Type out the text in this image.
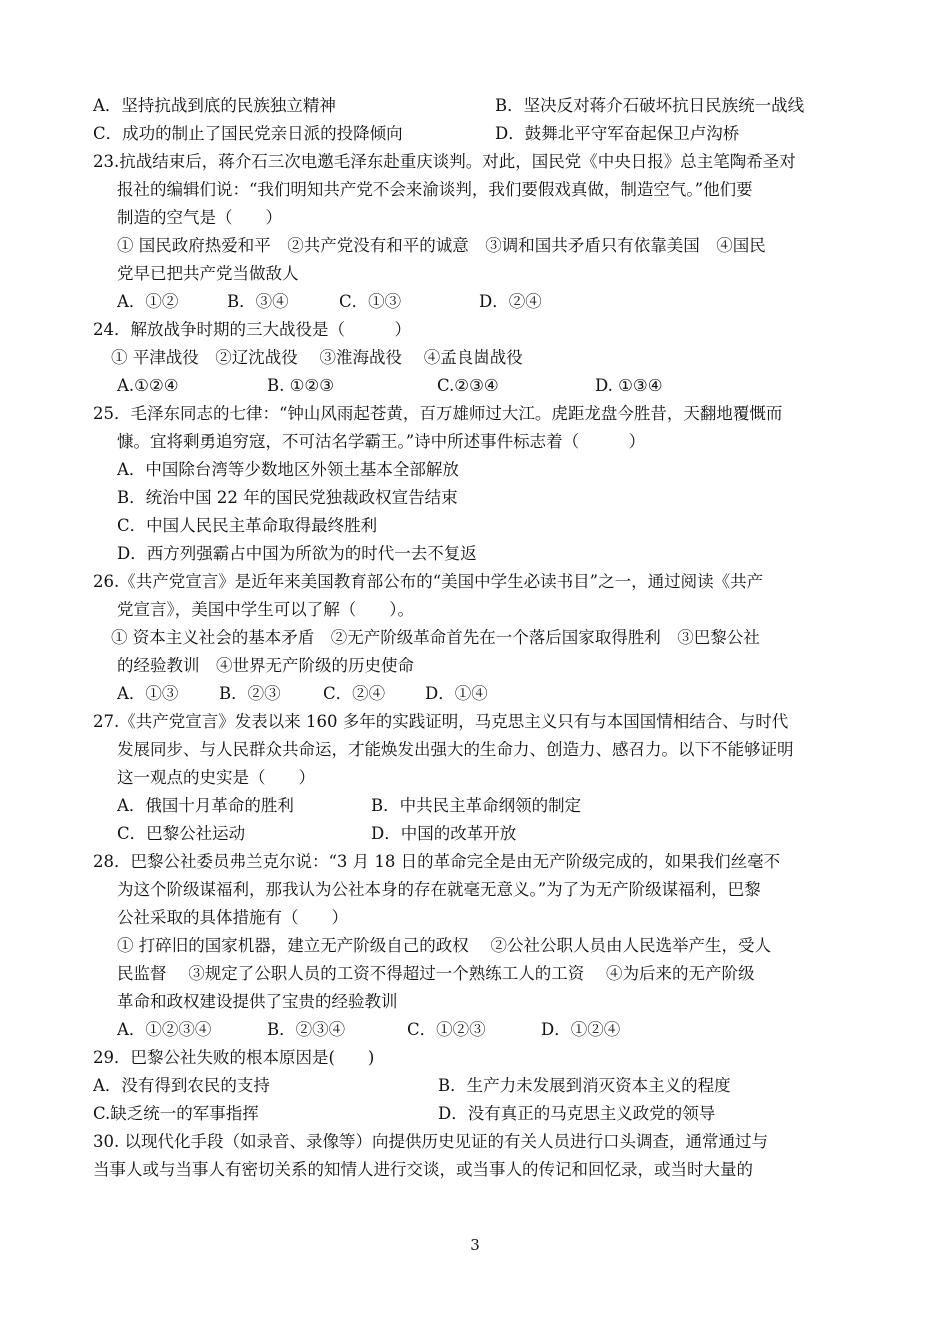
A．坚持抗战到底的民族独立精神	B．坚决反对蒋介石破坏抗日民族统一战线
C．成功的制止了国民党亲日派的投降倾向	D．鼓舞北平守军奋起保卫卢沟桥
23.抗战结束后，蒋介石三次电邀毛泽东赴重庆谈判。对此，国民党《中央日报》总主笔陶希圣对
报社的编辑们说：“我们明知共产党不会来渝谈判，我们要假戏真做，制造空气。”他们要
制造的空气是（　　）
① 国民政府热爱和平　②共产党没有和平的诚意　③调和国共矛盾只有依靠美国　④国民
党早已把共产党当做敌人
A．①②	B．③④	C．①③	D．②④
24．解放战争时期的三大战役是（　　　）
① 平津战役　②辽沈战役　 ③淮海战役　 ④孟良崮战役
A.①②④	B. ①②③	C.②③④	D. ①③④
25．毛泽东同志的七律：“钟山风雨起苍黄，百万雄师过大江。虎距龙盘今胜昔，天翻地覆慨而
慷。宜将剩勇追穷寇，不可沽名学霸王。”诗中所述事件标志着（　　　）
A．中国除台湾等少数地区外领土基本全部解放
B．统治中国 22 年的国民党独裁政权宣告结束
C．中国人民民主革命取得最终胜利
D．西方列强霸占中国为所欲为的时代一去不复返
26.《共产党宣言》是近年来美国教育部公布的“美国中学生必读书目”之一，通过阅读《共产
党宣言》，美国中学生可以了解（　　）。
① 资本主义社会的基本矛盾　②无产阶级革命首先在一个落后国家取得胜利　③巴黎公社
的经验教训　④世界无产阶级的历史使命
A．①③	B．②③	C．②④	D．①④
27.《共产党宣言》发表以来 160 多年的实践证明，马克思主义只有与本国国情相结合、与时代
发展同步、与人民群众共命运，才能焕发出强大的生命力、创造力、感召力。以下不能够证明
这一观点的史实是（　　）
A．俄国十月革命的胜利	B．中共民主革命纲领的制定
C．巴黎公社运动	D．中国的改革开放
28．巴黎公社委员弗兰克尔说：“3 月 18 日的革命完全是由无产阶级完成的，如果我们丝毫不
为这个阶级谋福利，那我认为公社本身的存在就毫无意义。”为了为无产阶级谋福利，巴黎
公社采取的具体措施有（　　）
① 打碎旧的国家机器，建立无产阶级自己的政权　 ②公社公职人员由人民选举产生，受人
民监督　 ③规定了公职人员的工资不得超过一个熟练工人的工资　 ④为后来的无产阶级
革命和政权建设提供了宝贵的经验教训
A．①②③④	B．②③④	C．①②③	D．①②④
29．巴黎公社失败的根本原因是(　　)
A．没有得到农民的支持	B．生产力未发展到消灭资本主义的程度
C.缺乏统一的军事指挥	D．没有真正的马克思主义政党的领导
30. 以现代化手段（如录音、录像等）向提供历史见证的有关人员进行口头调查，通常通过与
当事人或与当事人有密切关系的知情人进行交谈，或当事人的传记和回忆录，或当时大量的
3
